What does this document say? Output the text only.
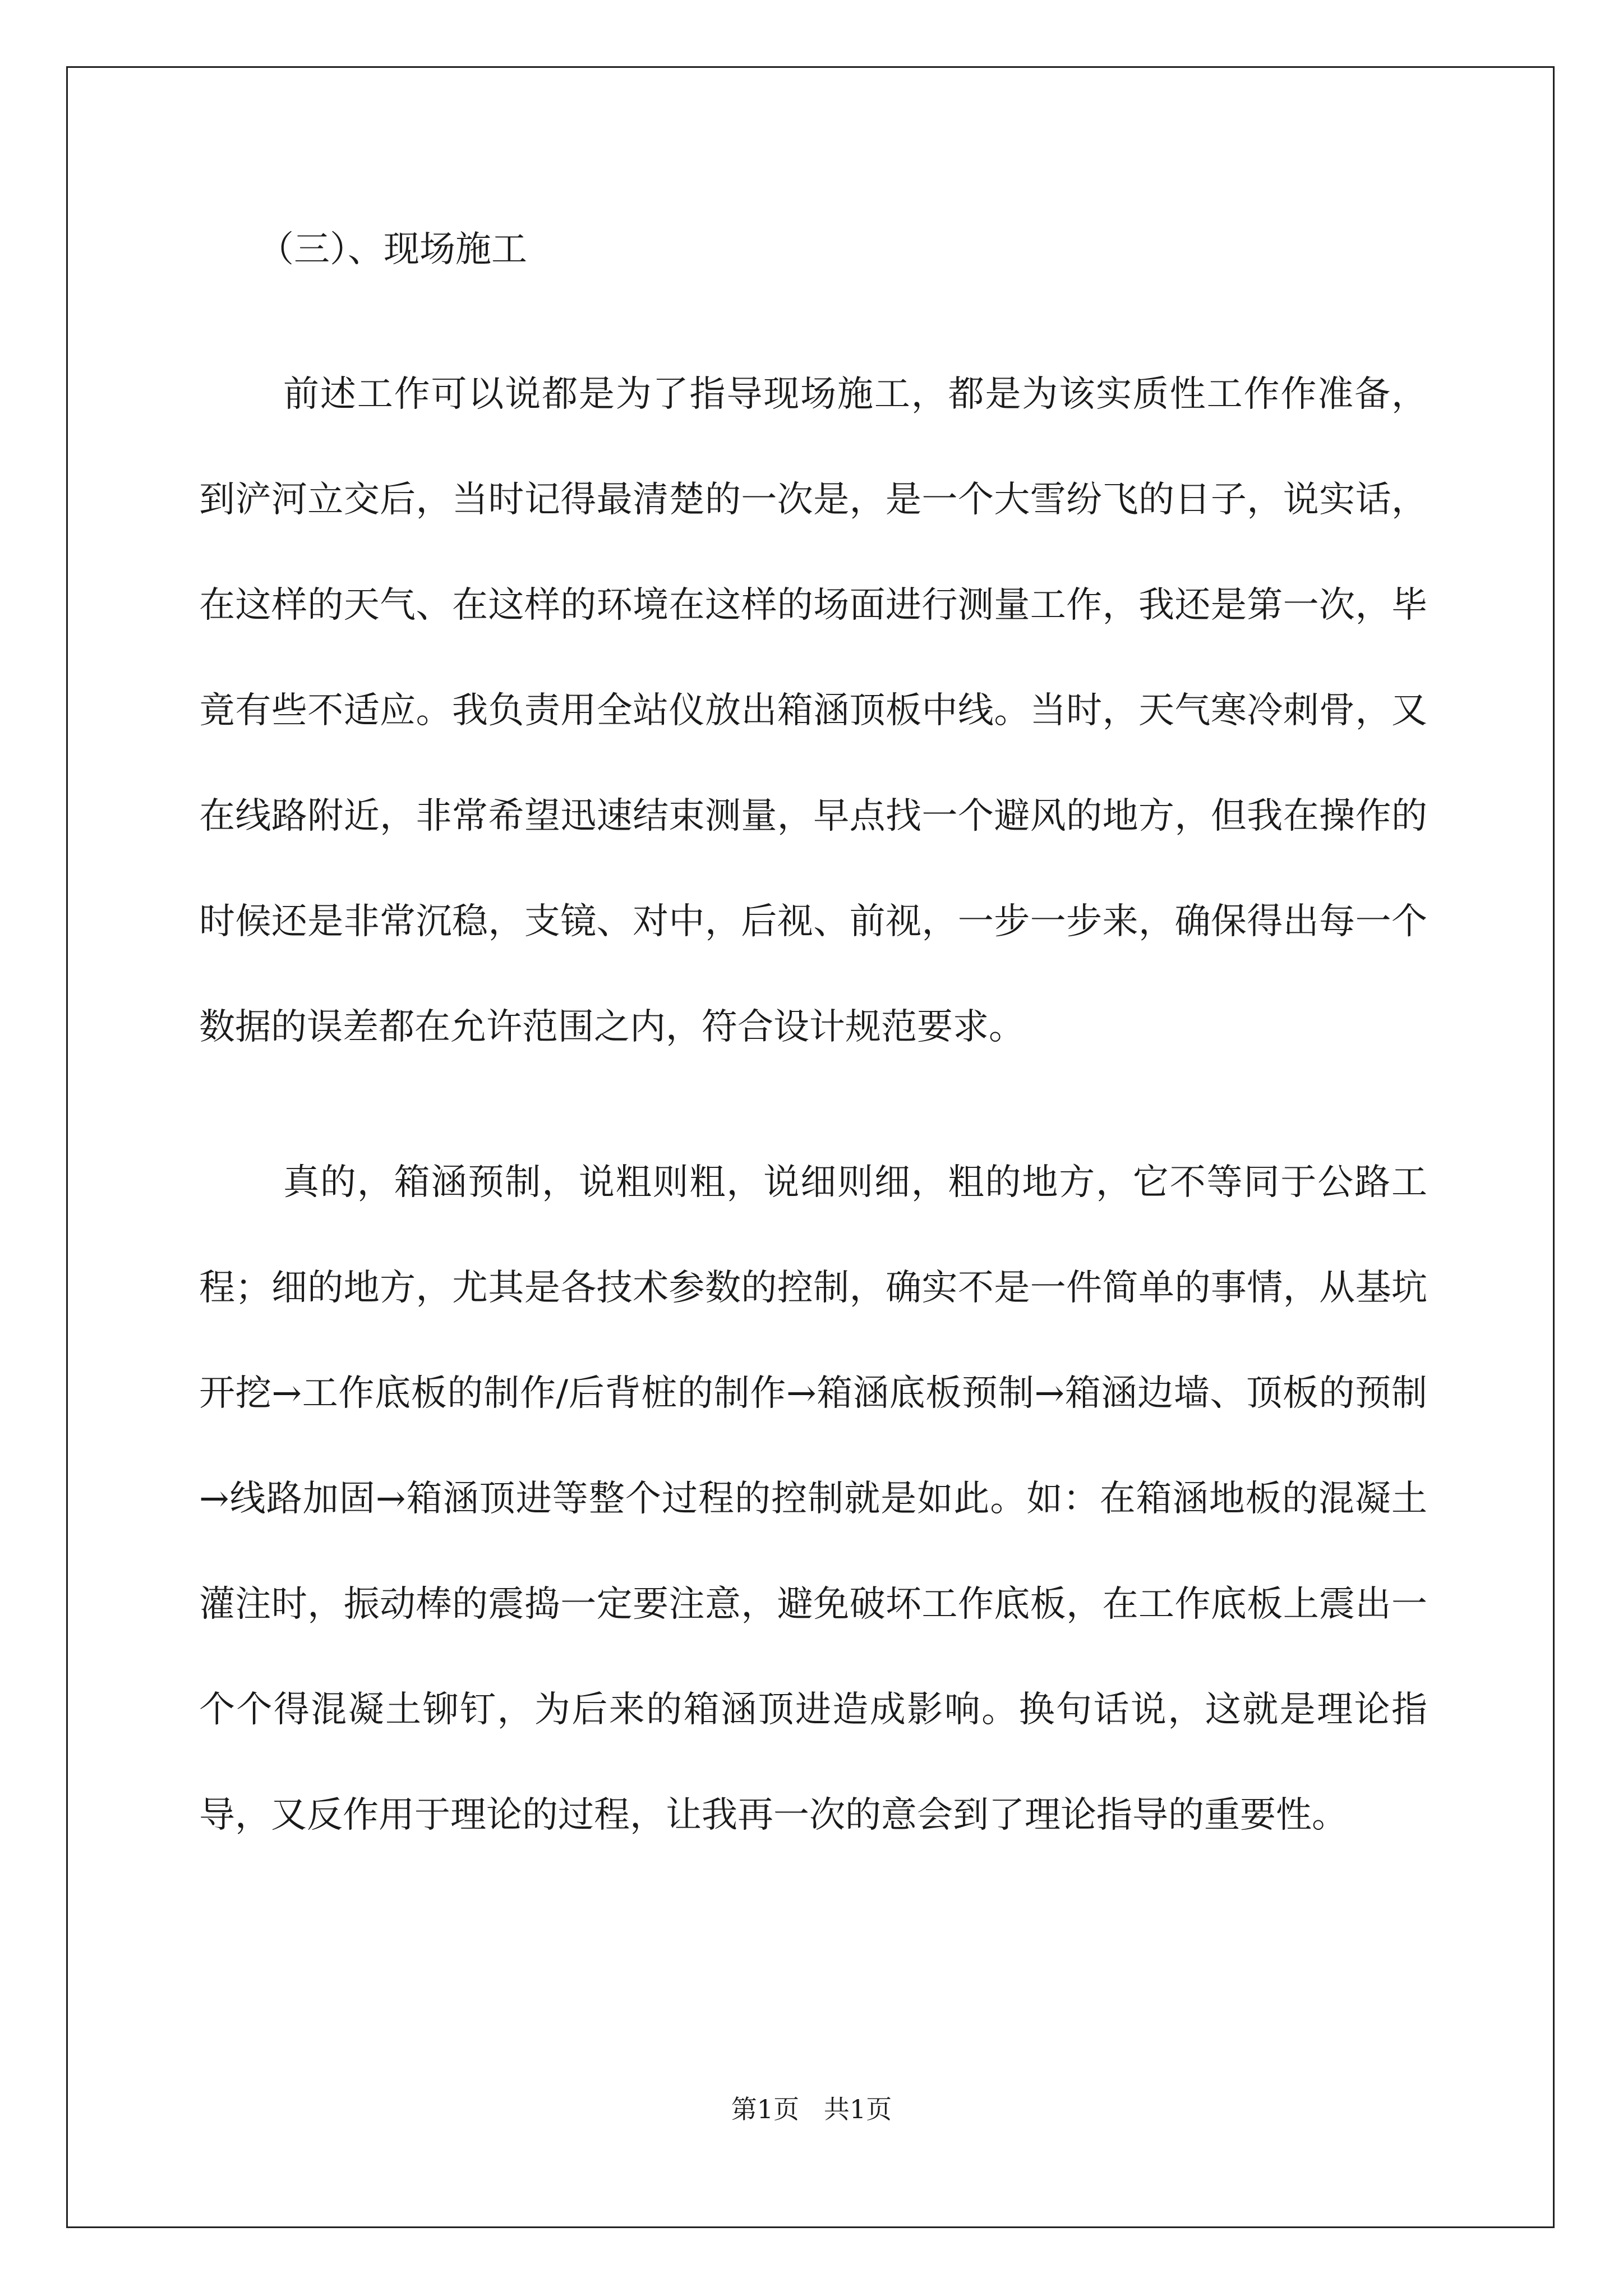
（三）、现场施工

前述工作可以说都是为了指导现场施工，都是为该实质性工作作准备，到浐河立交后，当时记得最清楚的一次是，是一个大雪纷飞的日子，说实话，在这样的天气、在这样的环境在这样的场面进行测量工作，我还是第一次，毕竟有些不适应。我负责用全站仪放出箱涵顶板中线。当时，天气寒冷刺骨，又在线路附近，非常希望迅速结束测量，早点找一个避风的地方，但我在操作的时候还是非常沉稳，支镜、对中，后视、前视，一步一步来，确保得出每一个数据的误差都在允许范围之内，符合设计规范要求。

真的，箱涵预制，说粗则粗，说细则细，粗的地方，它不等同于公路工程；细的地方，尤其是各技术参数的控制，确实不是一件简单的事情，从基坑开挖→工作底板的制作/后背桩的制作→箱涵底板预制→箱涵边墙、顶板的预制→线路加固→箱涵顶进等整个过程的控制就是如此。如：在箱涵地板的混凝土灌注时，振动棒的震捣一定要注意，避免破坏工作底板，在工作底板上震出一个个得混凝土铆钉，为后来的箱涵顶进造成影响。换句话说，这就是理论指导，又反作用于理论的过程，让我再一次的意会到了理论指导的重要性。

第1页   共1页
